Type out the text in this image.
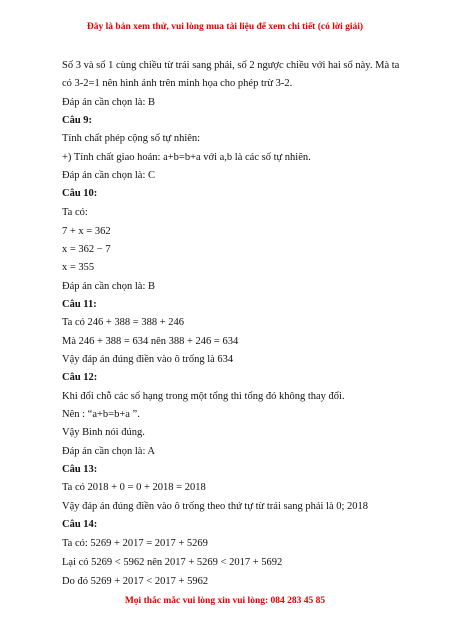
Đây là bản xem thử, vui lòng mua tài liệu để xem chi tiết (có lời giải)
Số 3 và số 1 cùng chiều từ trái sang phải, số 2 ngược chiều với hai số này. Mà ta
có 3-2=1 nên hình ảnh trên minh họa cho phép trừ 3-2.
Đáp án cần chọn là: B
Câu 9:
Tính chất phép cộng số tự nhiên:
+) Tính chất giao hoán: a+b=b+a với a,b là các số tự nhiên.
Đáp án cần chọn là: C
Câu 10:
Ta có:
7 + x = 362
x = 362 − 7
x = 355
Đáp án cần chọn là: B
Câu 11:
Ta có 246 + 388 = 388 + 246
Mà 246 + 388 = 634 nên 388 + 246 = 634
Vậy đáp án đúng điền vào ô trống là 634
Câu 12:
Khi đổi chỗ các số hạng trong một tổng thì tổng đó không thay đổi.
Nên : “a+b=b+a ”.
Vậy Bình nói đúng.
Đáp án cần chọn là: A
Câu 13:
Ta có 2018 + 0 = 0 + 2018 = 2018
Vậy đáp án đúng điền vào ô trống theo thứ tự từ trái sang phải là 0; 2018
Câu 14:
Ta có: 5269 + 2017 = 2017 + 5269
Lại có 5269 < 5962 nên 2017 + 5269 < 2017 + 5692
Do đó 5269 + 2017 < 2017 + 5962
Mọi thắc mắc vui lòng xin vui lòng: 084 283 45 85
